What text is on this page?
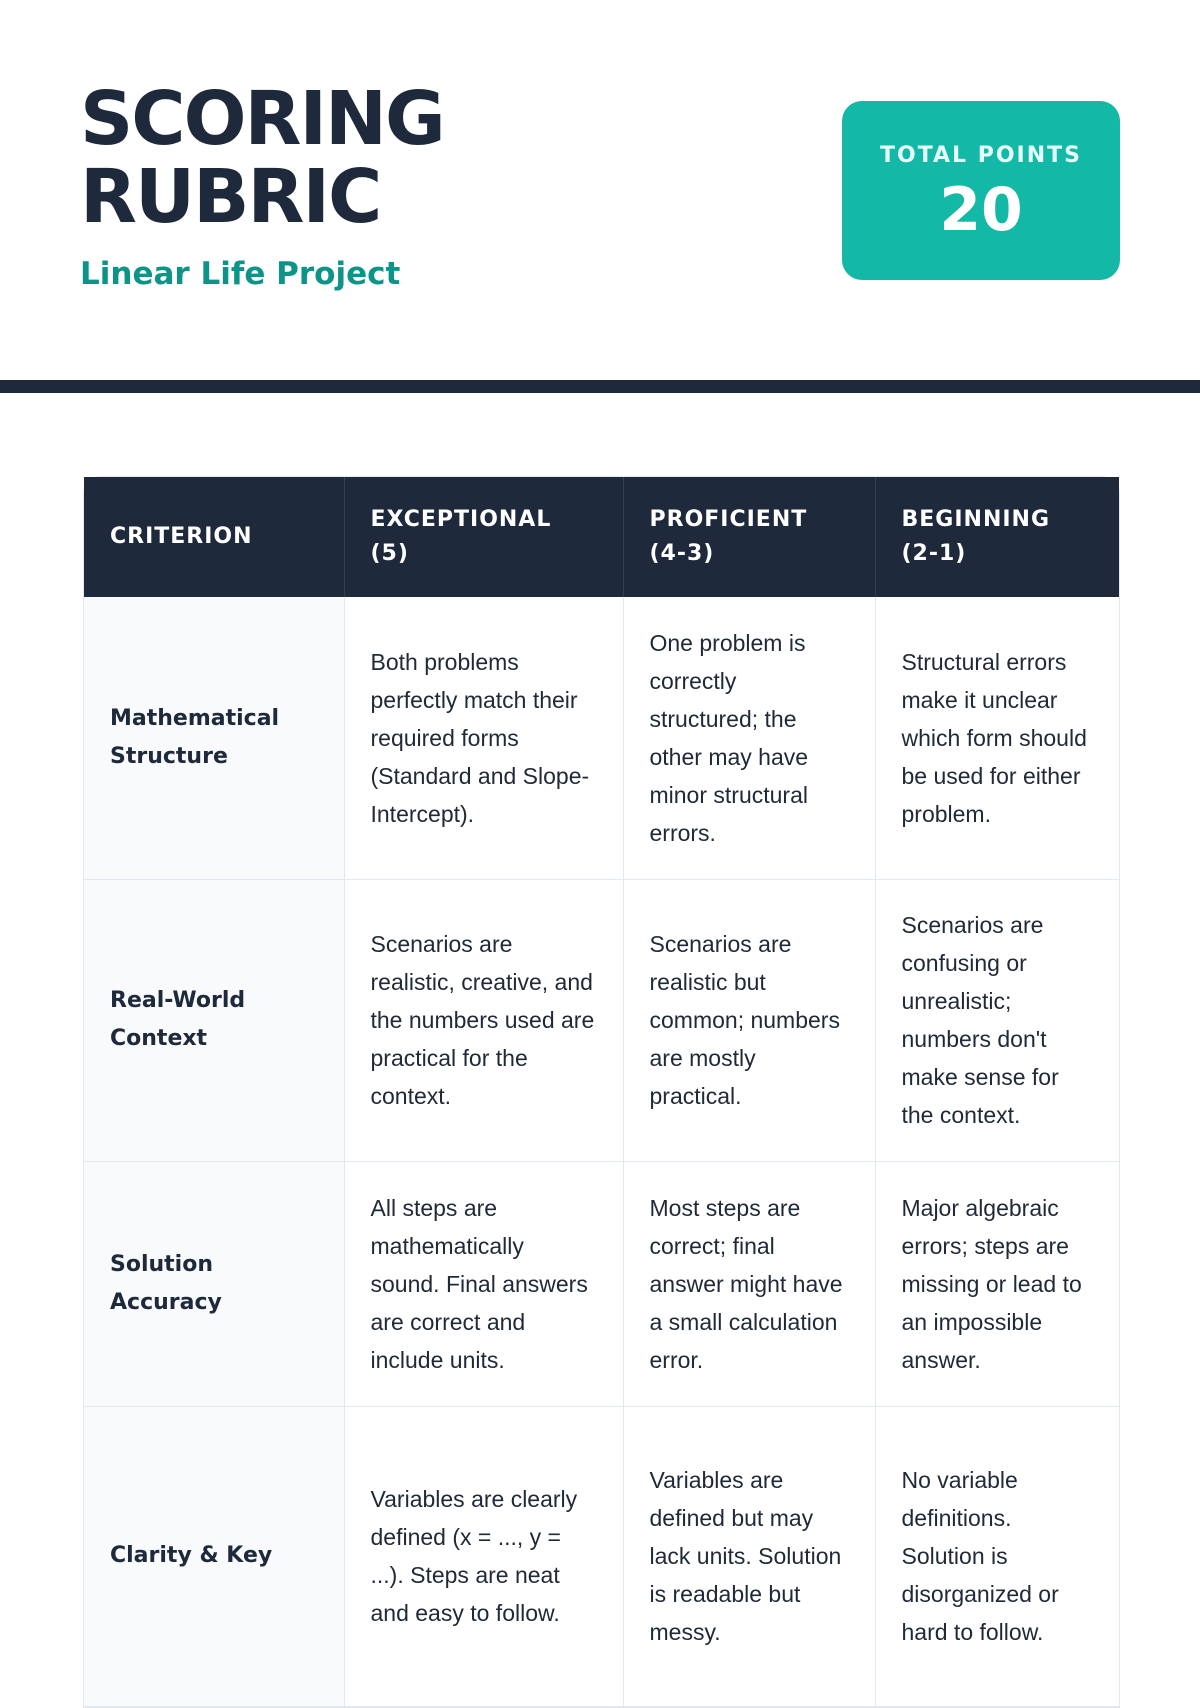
SCORING
RUBRIC
Linear Life Project
TOTAL POINTS
20
CRITERION	EXCEPTIONAL (5)	PROFICIENT (4-3)	BEGINNING (2-1)
Mathematical Structure	Both problems perfectly match their required forms (Standard and Slope-Intercept).	One problem is correctly structured; the other may have minor structural errors.	Structural errors make it unclear which form should be used for either problem.
Real-World Context	Scenarios are realistic, creative, and the numbers used are practical for the context.	Scenarios are realistic but common; numbers are mostly practical.	Scenarios are confusing or unrealistic; numbers don't make sense for the context.
Solution Accuracy	All steps are mathematically sound. Final answers are correct and include units.	Most steps are correct; final answer might have a small calculation error.	Major algebraic errors; steps are missing or lead to an impossible answer.
Clarity & Key	Variables are clearly defined (x = ..., y = ...). Steps are neat and easy to follow.	Variables are defined but may lack units. Solution is readable but messy.	No variable definitions. Solution is disorganized or hard to follow.
